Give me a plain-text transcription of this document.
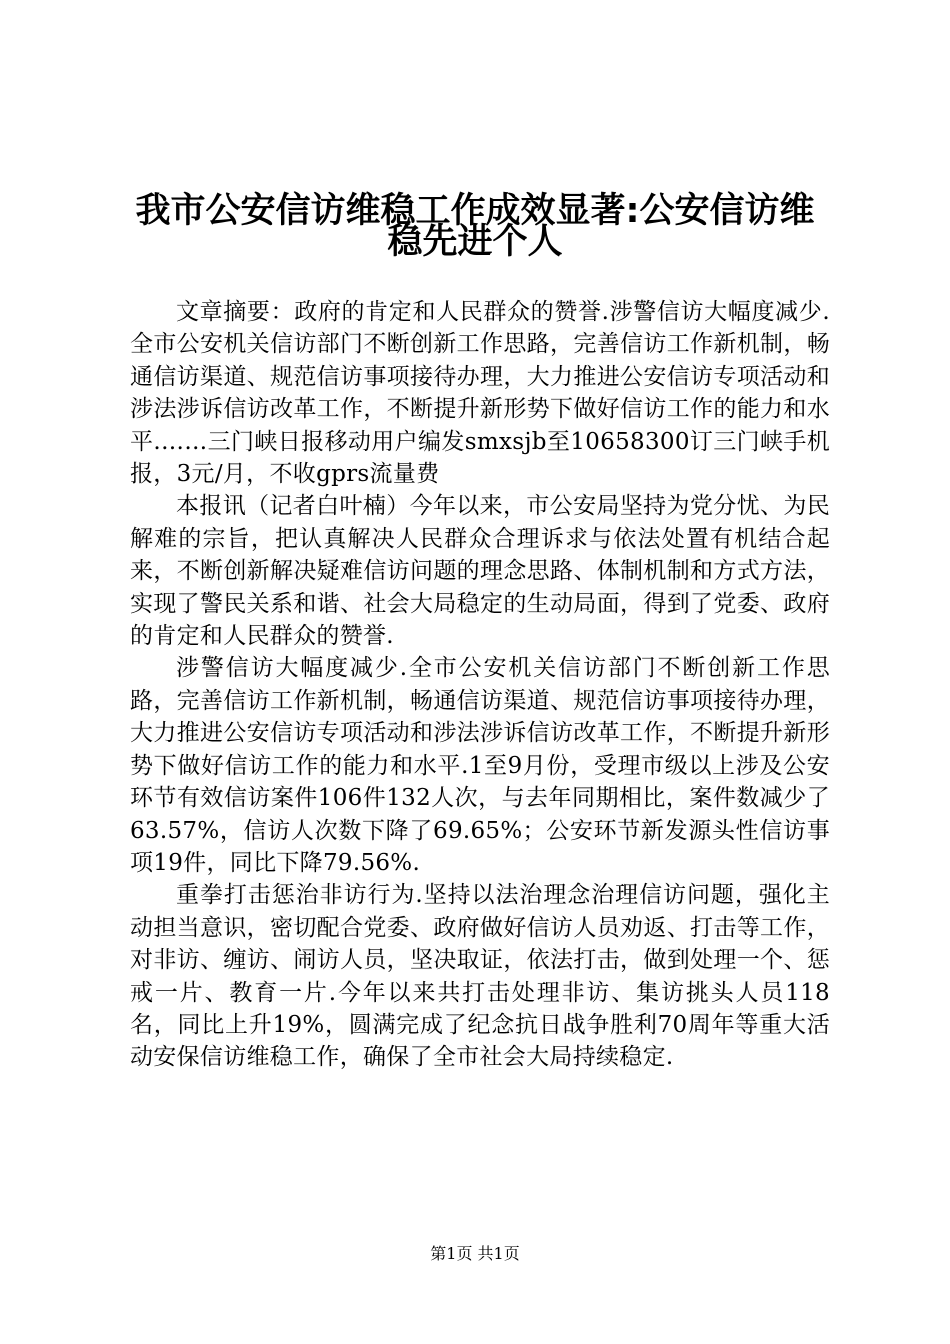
我市公安信访维稳工作成效显著:公安信访维
稳先进个人

文章摘要：政府的肯定和人民群众的赞誉.涉警信访大幅度减少.全市公安机关信访部门不断创新工作思路，完善信访工作新机制，畅通信访渠道、规范信访事项接待办理，大力推进公安信访专项活动和涉法涉诉信访改革工作，不断提升新形势下做好信访工作的能力和水平.……三门峡日报移动用户编发smxsjb至10658300订三门峡手机报，3元/月，不收gprs流量费

本报讯（记者白叶楠）今年以来，市公安局坚持为党分忧、为民解难的宗旨，把认真解决人民群众合理诉求与依法处置有机结合起来，不断创新解决疑难信访问题的理念思路、体制机制和方式方法，实现了警民关系和谐、社会大局稳定的生动局面，得到了党委、政府的肯定和人民群众的赞誉.

涉警信访大幅度减少.全市公安机关信访部门不断创新工作思路，完善信访工作新机制，畅通信访渠道、规范信访事项接待办理，大力推进公安信访专项活动和涉法涉诉信访改革工作，不断提升新形势下做好信访工作的能力和水平.1至9月份，受理市级以上涉及公安环节有效信访案件106件132人次，与去年同期相比，案件数减少了63.57%，信访人次数下降了69.65%；公安环节新发源头性信访事项19件，同比下降79.56%.

重拳打击惩治非访行为.坚持以法治理念治理信访问题，强化主动担当意识，密切配合党委、政府做好信访人员劝返、打击等工作，对非访、缠访、闹访人员，坚决取证，依法打击，做到处理一个、惩戒一片、教育一片.今年以来共打击处理非访、集访挑头人员118名，同比上升19%，圆满完成了纪念抗日战争胜利70周年等重大活动安保信访维稳工作，确保了全市社会大局持续稳定.

第1页 共1页
